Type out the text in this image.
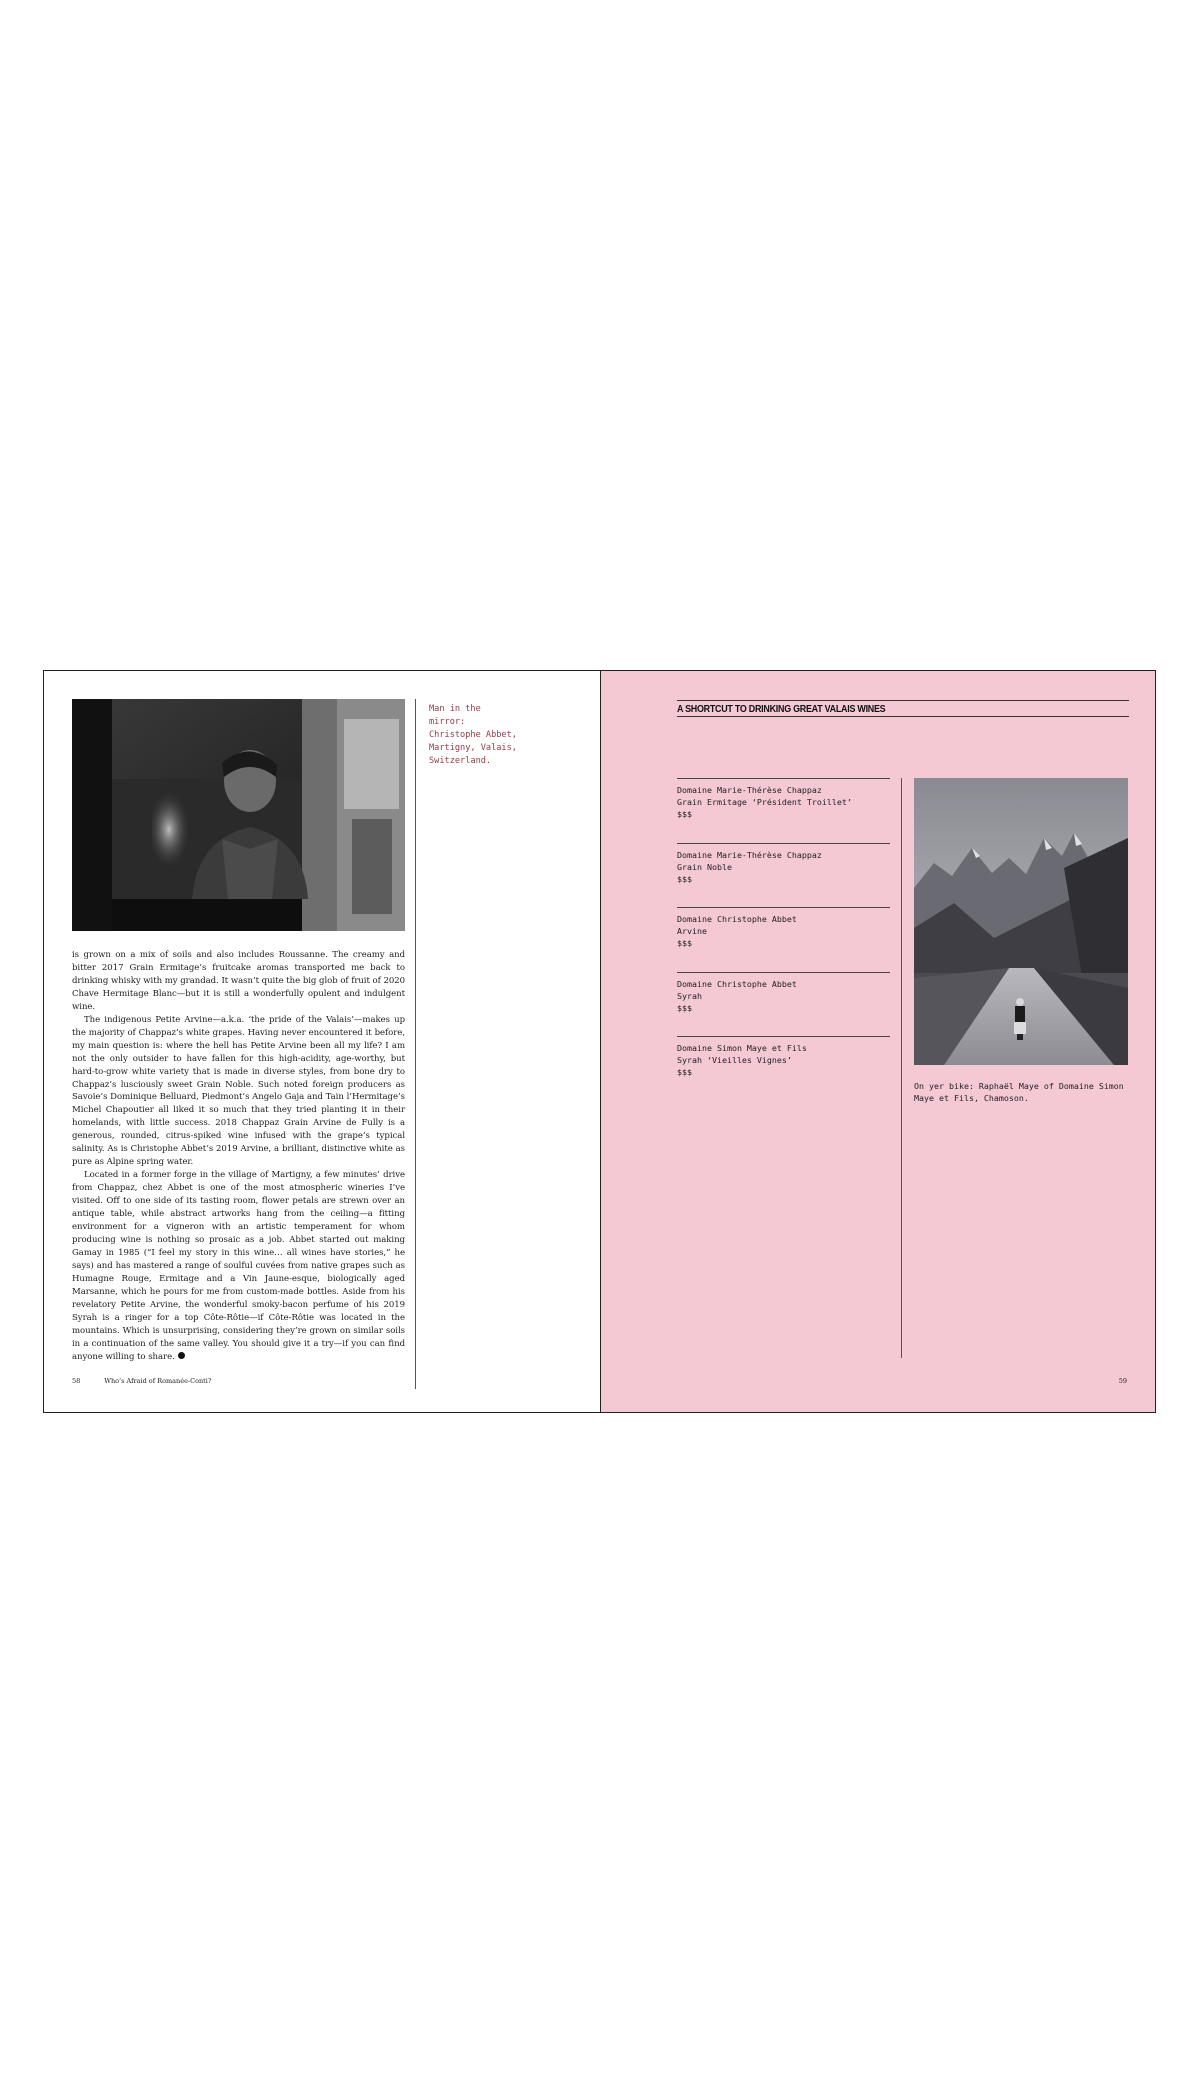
Man in the
mirror:
Christophe Abbet,
Martigny, Valais,
Switzerland.

is grown on a mix of soils and also includes Roussanne. The creamy and bitter 2017 Grain Ermitage’s fruitcake aromas transported me back to drinking whisky with my grandad. It wasn’t quite the big glob of fruit of 2020 Chave Hermitage Blanc—but it is still a wonderfully opulent and indulgent wine.

The indigenous Petite Arvine—a.k.a. ‘the pride of the Valais’—makes up the majority of Chappaz’s white grapes. Having never encountered it before, my main question is: where the hell has Petite Arvine been all my life? I am not the only outsider to have fallen for this high-acidity, age-worthy, but hard-to-grow white variety that is made in diverse styles, from bone dry to Chappaz’s lusciously sweet Grain Noble. Such noted foreign producers as Savoie’s Dominique Belluard, Piedmont’s Angelo Gaja and Tain l’Hermitage’s Michel Chapoutier all liked it so much that they tried planting it in their homelands, with little success. 2018 Chappaz Grain Arvine de Fully is a generous, rounded, citrus-spiked wine infused with the grape’s typical salinity. As is Christophe Abbet’s 2019 Arvine, a brilliant, distinctive white as pure as Alpine spring water.

Located in a former forge in the village of Martigny, a few minutes’ drive from Chappaz, chez Abbet is one of the most atmospheric wineries I’ve visited. Off to one side of its tasting room, flower petals are strewn over an antique table, while abstract artworks hang from the ceiling—a fitting environment for a vigneron with an artistic temperament for whom producing wine is nothing so prosaic as a job. Abbet started out making Gamay in 1985 (“I feel my story in this wine… all wines have stories,” he says) and has mastered a range of soulful cuvées from native grapes such as Humagne Rouge, Ermitage and a Vin Jaune-esque, biologically aged Marsanne, which he pours for me from custom-made bottles. Aside from his revelatory Petite Arvine, the wonderful smoky-bacon perfume of his 2019 Syrah is a ringer for a top Côte-Rôtie—if Côte-Rôtie was located in the mountains. Which is unsurprising, considering they’re grown on similar soils in a continuation of the same valley. You should give it a try—if you can find anyone willing to share.

58	Who’s Afraid of Romanée-Conti?
A SHORTCUT TO DRINKING GREAT VALAIS WINES
Domaine Marie-Thérèse Chappaz
Grain Ermitage ‘Président Troillet’
$$$
Domaine Marie-Thérèse Chappaz
Grain Noble
$$$
Domaine Christophe Abbet
Arvine
$$$
Domaine Christophe Abbet
Syrah
$$$
Domaine Simon Maye et Fils
Syrah ‘Vieilles Vignes’
$$$
On yer bike: Raphaël Maye of Domaine Simon Maye et Fils, Chamoson.
59
